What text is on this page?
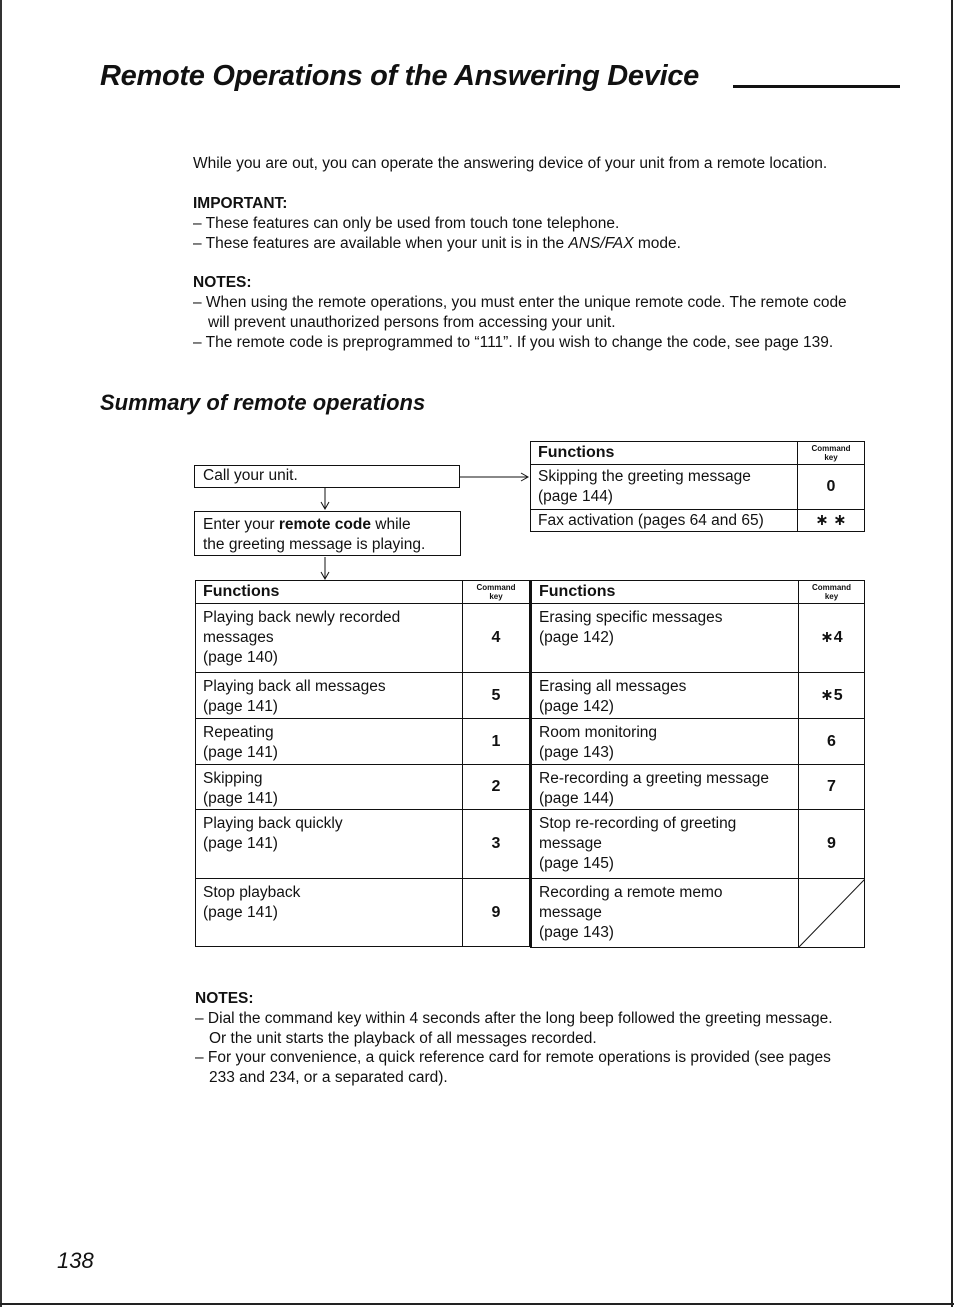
Remote Operations of the Answering Device
While you are out, you can operate the answering device of your unit from a remote location.
IMPORTANT:
– These features can only be used from touch tone telephone.
– These features are available when your unit is in the ANS/FAX mode.
NOTES:
– When using the remote operations, you must enter the unique remote code. The remote code
will prevent unauthorized persons from accessing your unit.
– The remote code is preprogrammed to “111”. If you wish to change the code, see page 139.
Summary of remote operations
Call your unit.
Enter your remote code while
the greeting message is playing.
Functions	Command
key

Skipping the greeting message
(page 144)	0
Fax activation (pages 64 and 65)	∗ ∗
Functions	Command
key

Playing back newly recorded
messages
(page 140)	4

Playing back all messages
(page 141)	5

Repeating
(page 141)	1

Skipping
(page 141)	2

Playing back quickly
(page 141)	3

Stop playback
(page 141)	9
Functions	Command
key

Erasing specific messages
(page 142)	∗4

Erasing all messages
(page 142)	∗5

Room monitoring
(page 143)	6

Re-recording a greeting message
(page 144)	7

Stop re-recording of greeting
message
(page 145)	9

Recording a remote memo
message
(page 143)

NOTES:
– Dial the command key within 4 seconds after the long beep followed the greeting message.
Or the unit starts the playback of all messages recorded.
– For your convenience, a quick reference card for remote operations is provided (see pages
233 and 234, or a separated card).
138
